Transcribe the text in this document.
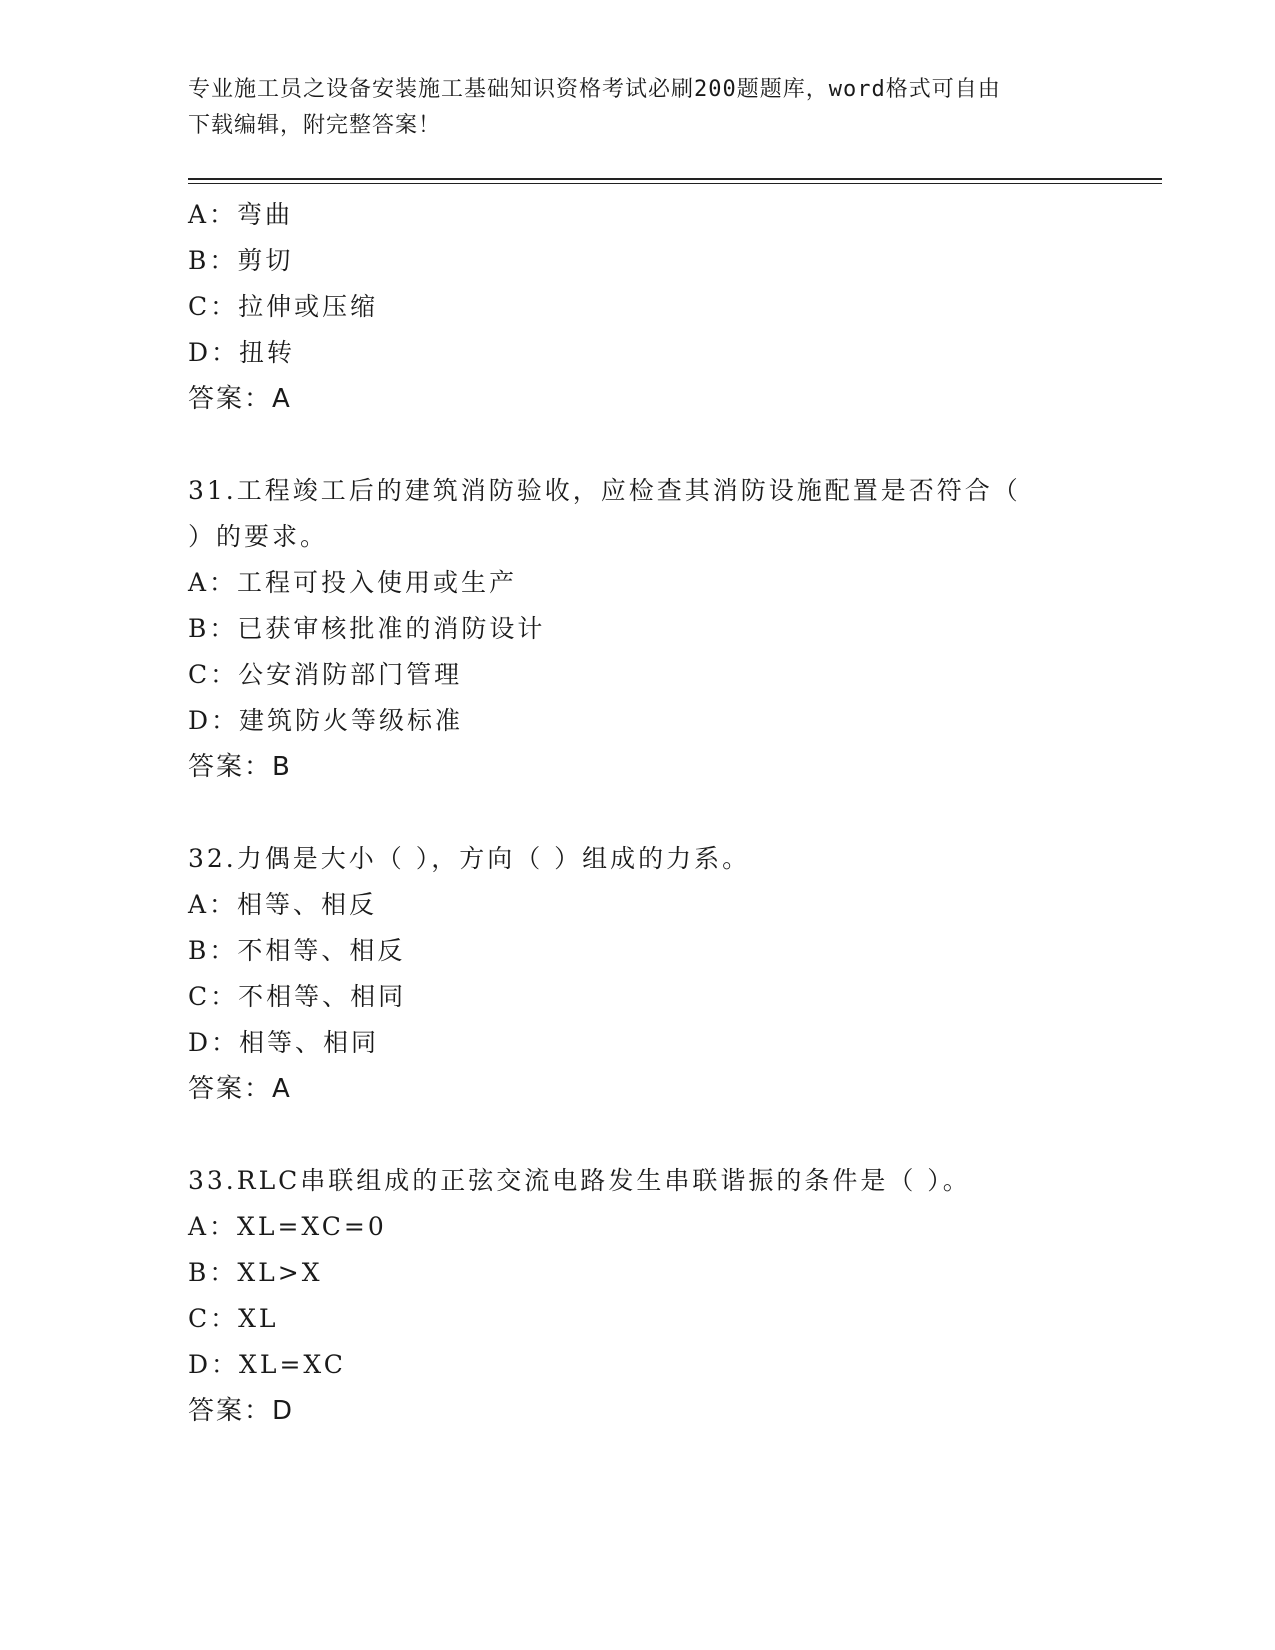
专业施工员之设备安装施工基础知识资格考试必刷200题题库，word格式可自由
下载编辑，附完整答案！
A：弯曲
B：剪切
C：拉伸或压缩
D：扭转
答案：A
31.工程竣工后的建筑消防验收，应检查其消防设施配置是否符合（
）的要求。
A：工程可投入使用或生产
B：已获审核批准的消防设计
C：公安消防部门管理
D：建筑防火等级标准
答案：B
32.力偶是大小（ ），方向（ ）组成的力系。
A：相等、相反
B：不相等、相反
C：不相等、相同
D：相等、相同
答案：A
33.RLC串联组成的正弦交流电路发生串联谐振的条件是（ ）。
A：XL=XC=0
B：XL>X
C：XL
D：XL=XC
答案：D
